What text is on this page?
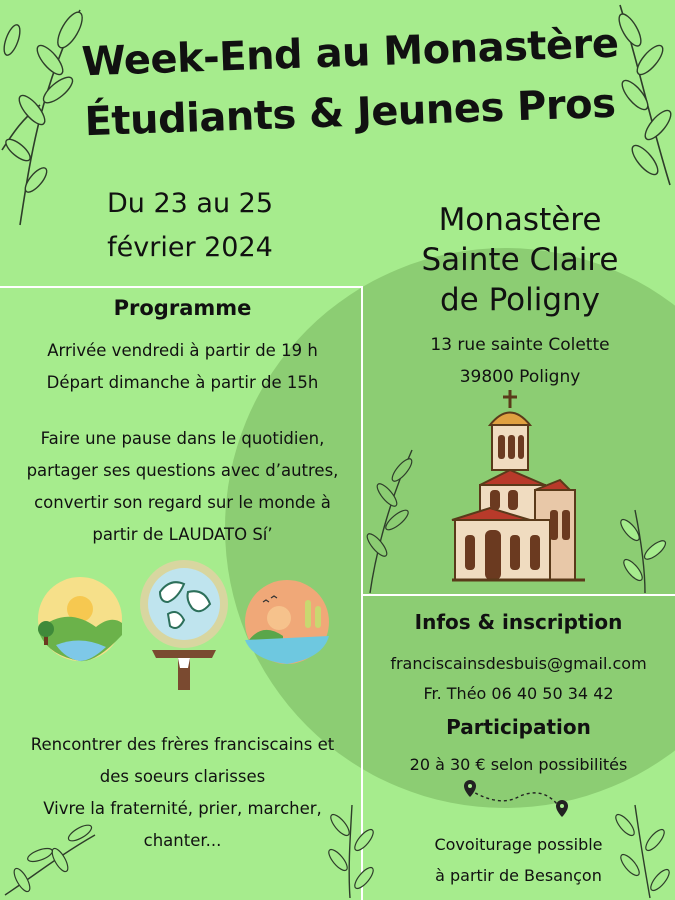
Week-End au Monastère
Étudiants & Jeunes Pros
Du 23 au 25
février 2024
Monastère
Sainte Claire
de Poligny
13 rue sainte Colette
39800 Poligny
Programme
Arrivée vendredi à partir de 19 h
Départ dimanche à partir de 15h
Faire une pause dans le quotidien,
partager ses questions avec d’autres,
convertir son regard sur le monde à
partir de LAUDATO Sí’
Rencontrer des frères franciscains et
des soeurs clarisses
Vivre la fraternité, prier, marcher,
chanter...
Infos & inscription
franciscainsdesbuis@gmail.com
Fr. Théo 06 40 50 34 42
Participation
20 à 30 € selon possibilités
Covoiturage possible
à partir de Besançon
